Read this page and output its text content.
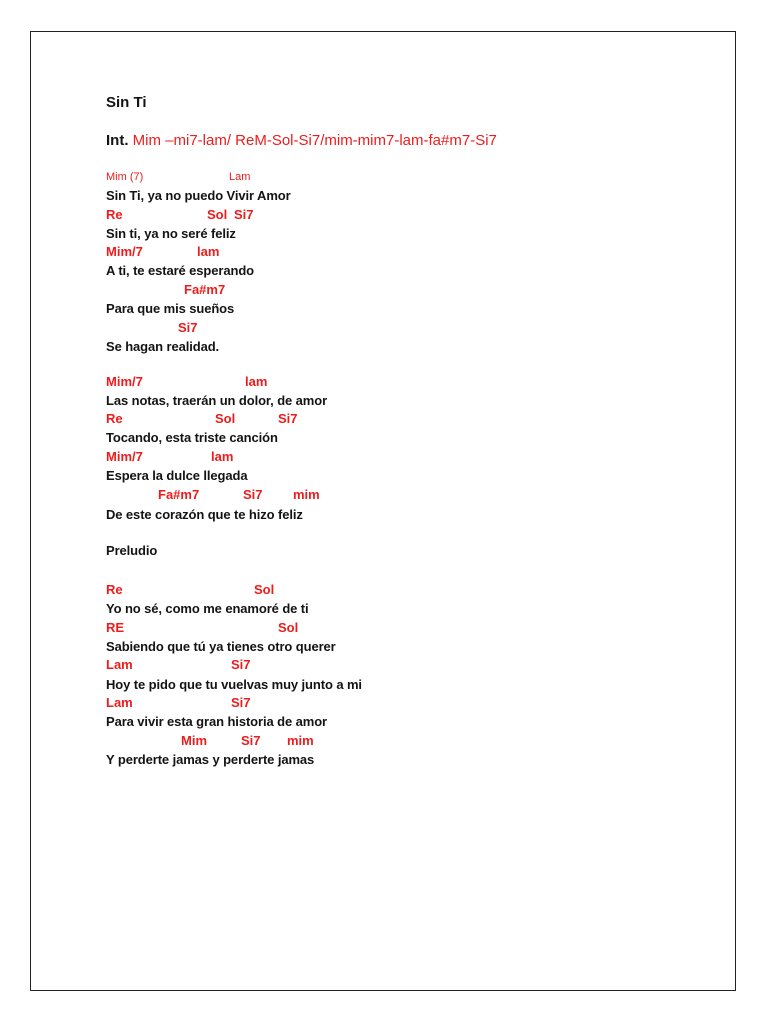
Sin Ti
Int. Mim –mi7-lam/ ReM-Sol-Si7/mim-mim7-lam-fa#m7-Si7

Mim (7)

	Lam

Sin Ti, ya no puedo Vivir Amor

Re

	Sol

Si7

Sin ti, ya no seré feliz

Mim/7

	lam

A ti, te estaré esperando

Fa#m7

Para que mis sueños

Si7

Se hagan realidad.

Mim/7

	lam

Las notas, traerán un dolor, de amor

Re

	Sol

	Si7

Tocando, esta triste canción

Mim/7

	lam

Espera la dulce llegada

Fa#m7

	Si7

mim

De este corazón que te hizo feliz
Preludio

Re

	Sol

Yo no sé, como me enamoré de ti

RE

	Sol

Sabiendo que tú ya tienes otro querer

Lam

	Si7

Hoy te pido que tu vuelvas muy junto a mi

Lam

	Si7

Para vivir esta gran historia de amor

Mim

	Si7

mim

Y perderte jamas y perderte jamas
